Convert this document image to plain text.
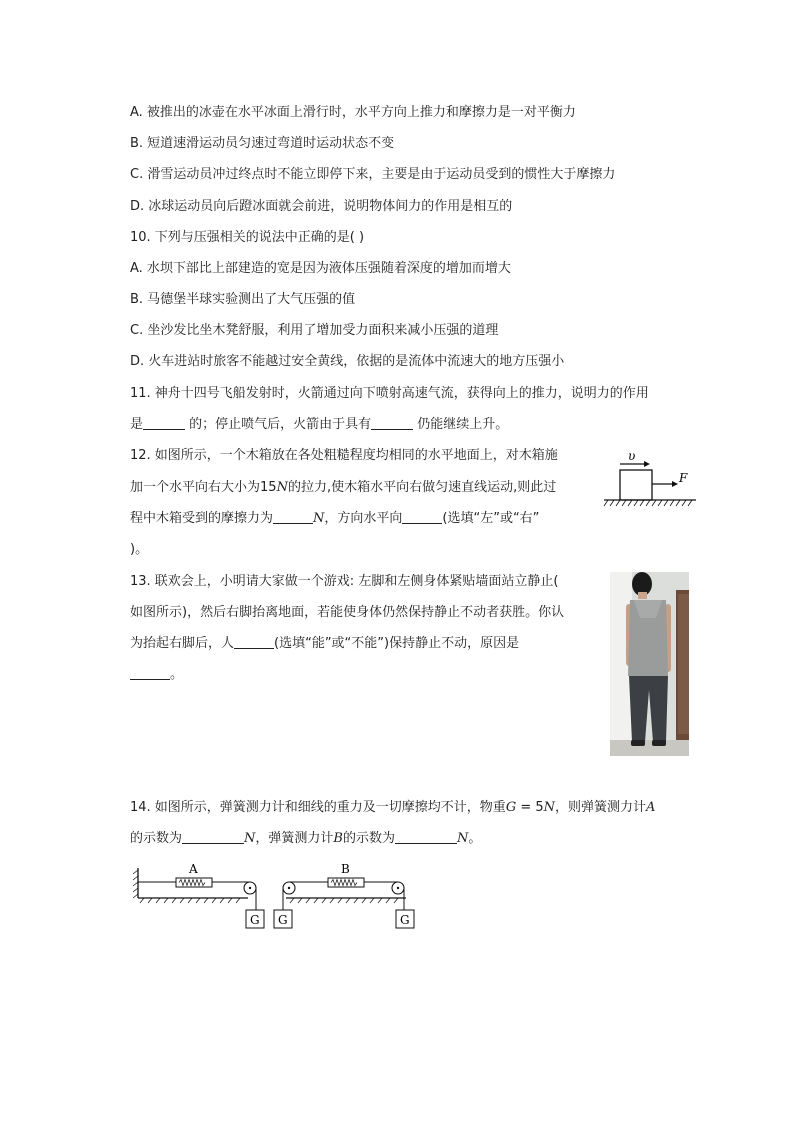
A. 被推出的冰壶在水平冰面上滑行时，水平方向上推力和摩擦力是一对平衡力
B. 短道速滑运动员匀速过弯道时运动状态不变
C. 滑雪运动员冲过终点时不能立即停下来，主要是由于运动员受到的惯性大于摩擦力
D. 冰球运动员向后蹬冰面就会前进，说明物体间力的作用是相互的
10. 下列与压强相关的说法中正确的是( )
A. 水坝下部比上部建造的宽是因为液体压强随着深度的增加而增大
B. 马德堡半球实验测出了大气压强的值
C. 坐沙发比坐木凳舒服，利用了增加受力面积来减小压强的道理
D. 火车进站时旅客不能越过安全黄线，依据的是流体中流速大的地方压强小
11. 神舟十四号飞船发射时，火箭通过向下喷射高速气流，获得向上的推力，说明力的作用
是	的；停止喷气后，火箭由于具有	仍能继续上升。
12. 如图所示，一个木箱放在各处粗糙程度均相同的水平地面上，对木箱施
加一个水平向右大小为15N的拉力,使木箱水平向右做匀速直线运动,则此过
程中木箱受到的摩擦力为	N，方向水平向	(选填“左”或“右”
)。
υ
F
13. 联欢会上，小明请大家做一个游戏: 左脚和左侧身体紧贴墙面站立静止(
如图所示)，然后右脚抬离地面，若能使身体仍然保持静止不动者获胜。你认
为抬起右脚后，人	(选填“能”或“不能”)保持静止不动，原因是
。
14. 如图所示，弹簧测力计和细线的重力及一切摩擦均不计，物重G = 5N，则弹簧测力计A
的示数为	N，弹簧测力计B的示数为	N。
A
G G
B
G
